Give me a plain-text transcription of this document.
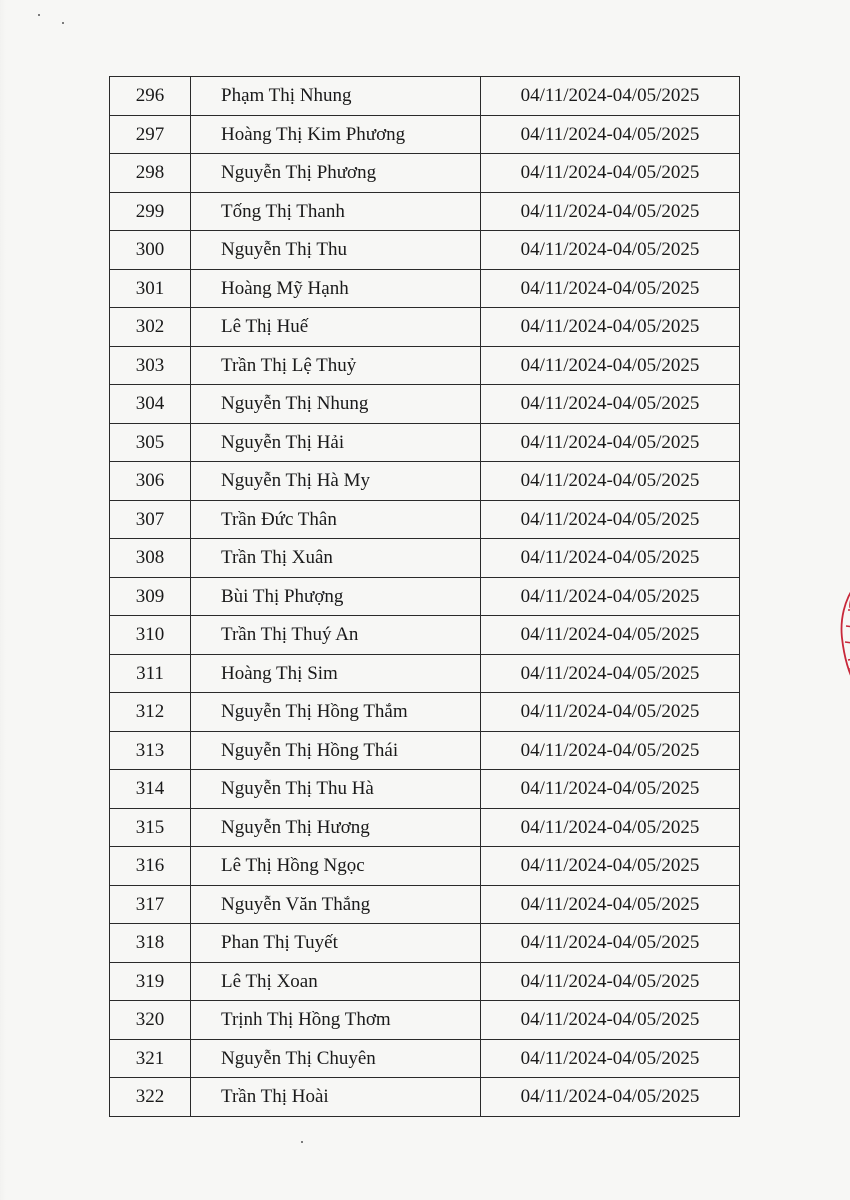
296	Phạm Thị Nhung	04/11/2024-04/05/2025
297	Hoàng Thị Kim Phương	04/11/2024-04/05/2025
298	Nguyễn Thị Phương	04/11/2024-04/05/2025
299	Tống Thị Thanh	04/11/2024-04/05/2025
300	Nguyễn Thị Thu	04/11/2024-04/05/2025
301	Hoàng Mỹ Hạnh	04/11/2024-04/05/2025
302	Lê Thị Huế	04/11/2024-04/05/2025
303	Trần Thị Lệ Thuỷ	04/11/2024-04/05/2025
304	Nguyễn Thị Nhung	04/11/2024-04/05/2025
305	Nguyễn Thị Hải	04/11/2024-04/05/2025
306	Nguyễn Thị Hà My	04/11/2024-04/05/2025
307	Trần Đức Thân	04/11/2024-04/05/2025
308	Trần Thị Xuân	04/11/2024-04/05/2025
309	Bùi Thị Phượng	04/11/2024-04/05/2025
310	Trần Thị Thuý An	04/11/2024-04/05/2025
311	Hoàng Thị Sim	04/11/2024-04/05/2025
312	Nguyễn Thị Hồng Thắm	04/11/2024-04/05/2025
313	Nguyễn Thị Hồng Thái	04/11/2024-04/05/2025
314	Nguyễn Thị Thu Hà	04/11/2024-04/05/2025
315	Nguyễn Thị Hương	04/11/2024-04/05/2025
316	Lê Thị Hồng Ngọc	04/11/2024-04/05/2025
317	Nguyễn Văn Thắng	04/11/2024-04/05/2025
318	Phan Thị Tuyết	04/11/2024-04/05/2025
319	Lê Thị Xoan	04/11/2024-04/05/2025
320	Trịnh Thị Hồng Thơm	04/11/2024-04/05/2025
321	Nguyễn Thị Chuyên	04/11/2024-04/05/2025
322	Trần Thị Hoài	04/11/2024-04/05/2025
